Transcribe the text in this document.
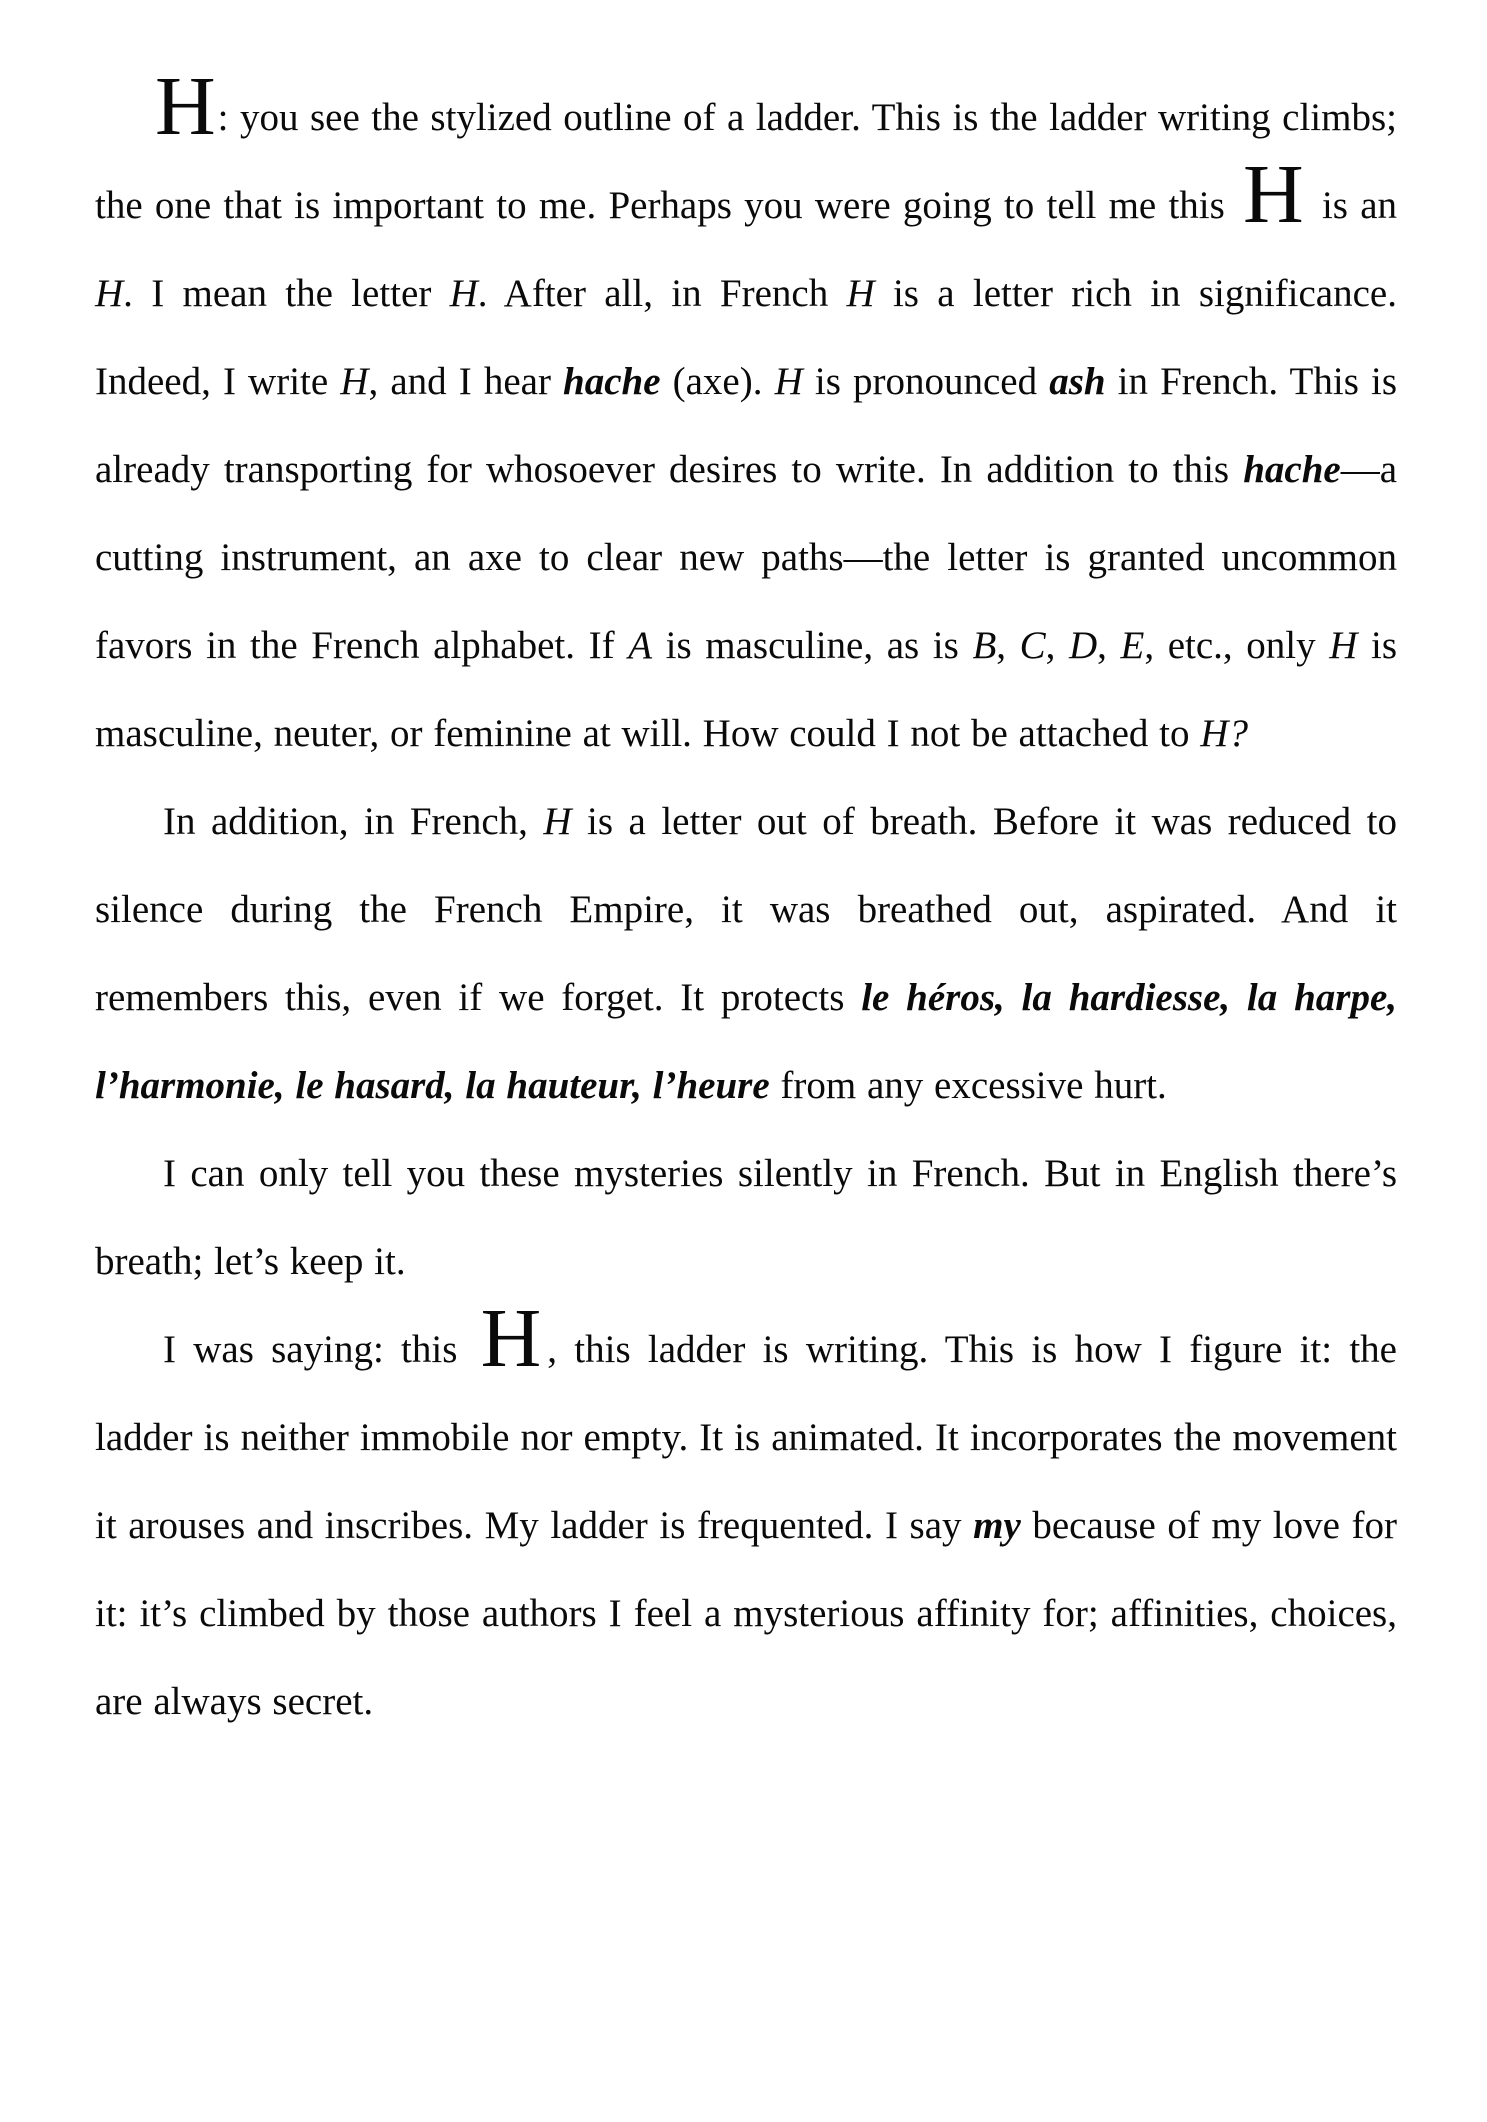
H: you see the stylized outline of a ladder. This is the ladder writing climbs; the one that is important to me. Perhaps you were going to tell me this H is an H. I mean the letter H. After all, in French H is a letter rich in significance. Indeed, I write H, and I hear hache (axe). H is pronounced ash in French. This is already transporting for whosoever desires to write. In addition to this hache—a cutting instrument, an axe to clear new paths—the letter is granted uncommon favors in the French alphabet. If A is masculine, as is B, C, D, E, etc., only H is masculine, neuter, or feminine at will. How could I not be attached to H?

In addition, in French, H is a letter out of breath. Before it was reduced to silence during the French Empire, it was breathed out, aspirated. And it remembers this, even if we forget. It protects le héros, la hardiesse, la harpe, l’harmonie, le hasard, la hauteur, l’heure from any excessive hurt.

I can only tell you these mysteries silently in French. But in English there’s breath; let’s keep it.

I was saying: this H , this ladder is writing. This is how I figure it: the ladder is neither immobile nor empty. It is animated. It incorporates the movement it arouses and inscribes. My ladder is frequented. I say my because of my love for it: it’s climbed by those authors I feel a mysterious affinity for; affinities, choices, are always secret.
